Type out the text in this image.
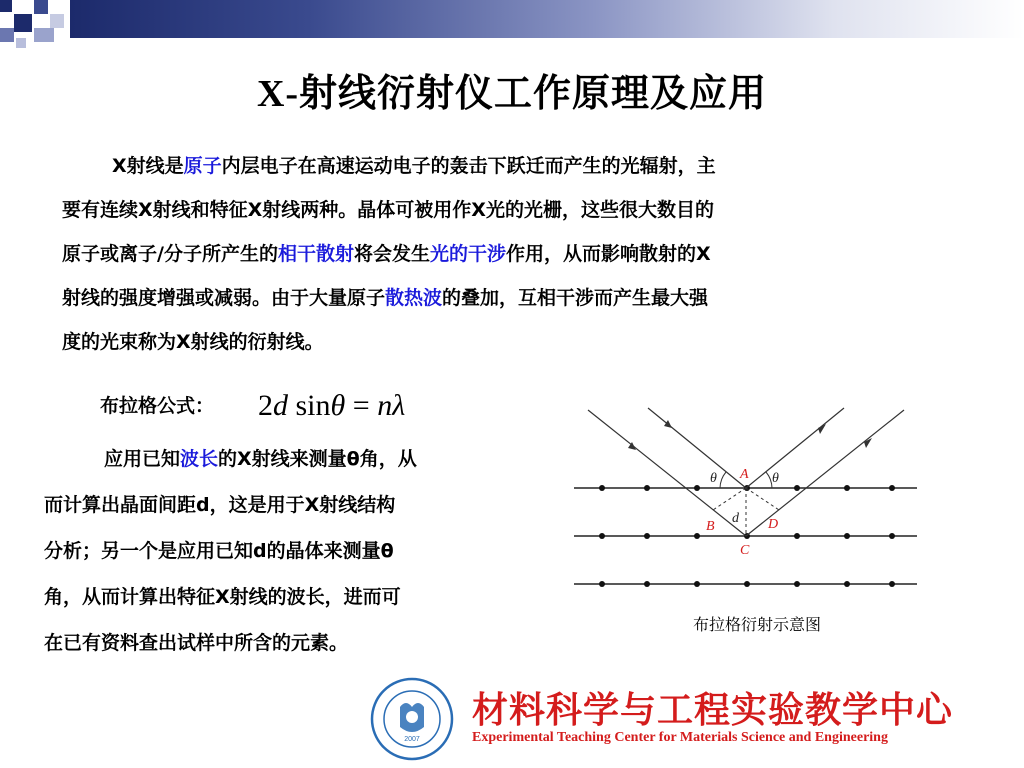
X-射线衍射仪工作原理及应用
X射线是原子内层电子在高速运动电子的轰击下跃迁而产生的光辐射，主
要有连续X射线和特征X射线两种。晶体可被用作X光的光栅，这些很大数目的
原子或离子/分子所产生的相干散射将会发生光的干涉作用，从而影响散射的X
射线的强度增强或减弱。由于大量原子散热波的叠加，互相干涉而产生最大强
度的光束称为X射线的衍射线。
布拉格公式： 2d sinθ = nλ
应用已知波长的X射线来测量θ角，从
而计算出晶面间距d，这是用于X射线结构
分析；另一个是应用已知d的晶体来测量θ
角，从而计算出特征X射线的波长，进而可
在已有资料查出试样中所含的元素。
A
B
C
D
d
θ	θ
布拉格衍射示意图
2007
材料科学与工程实验教学中心
Experimental Teaching Center for Materials Science and Engineering
